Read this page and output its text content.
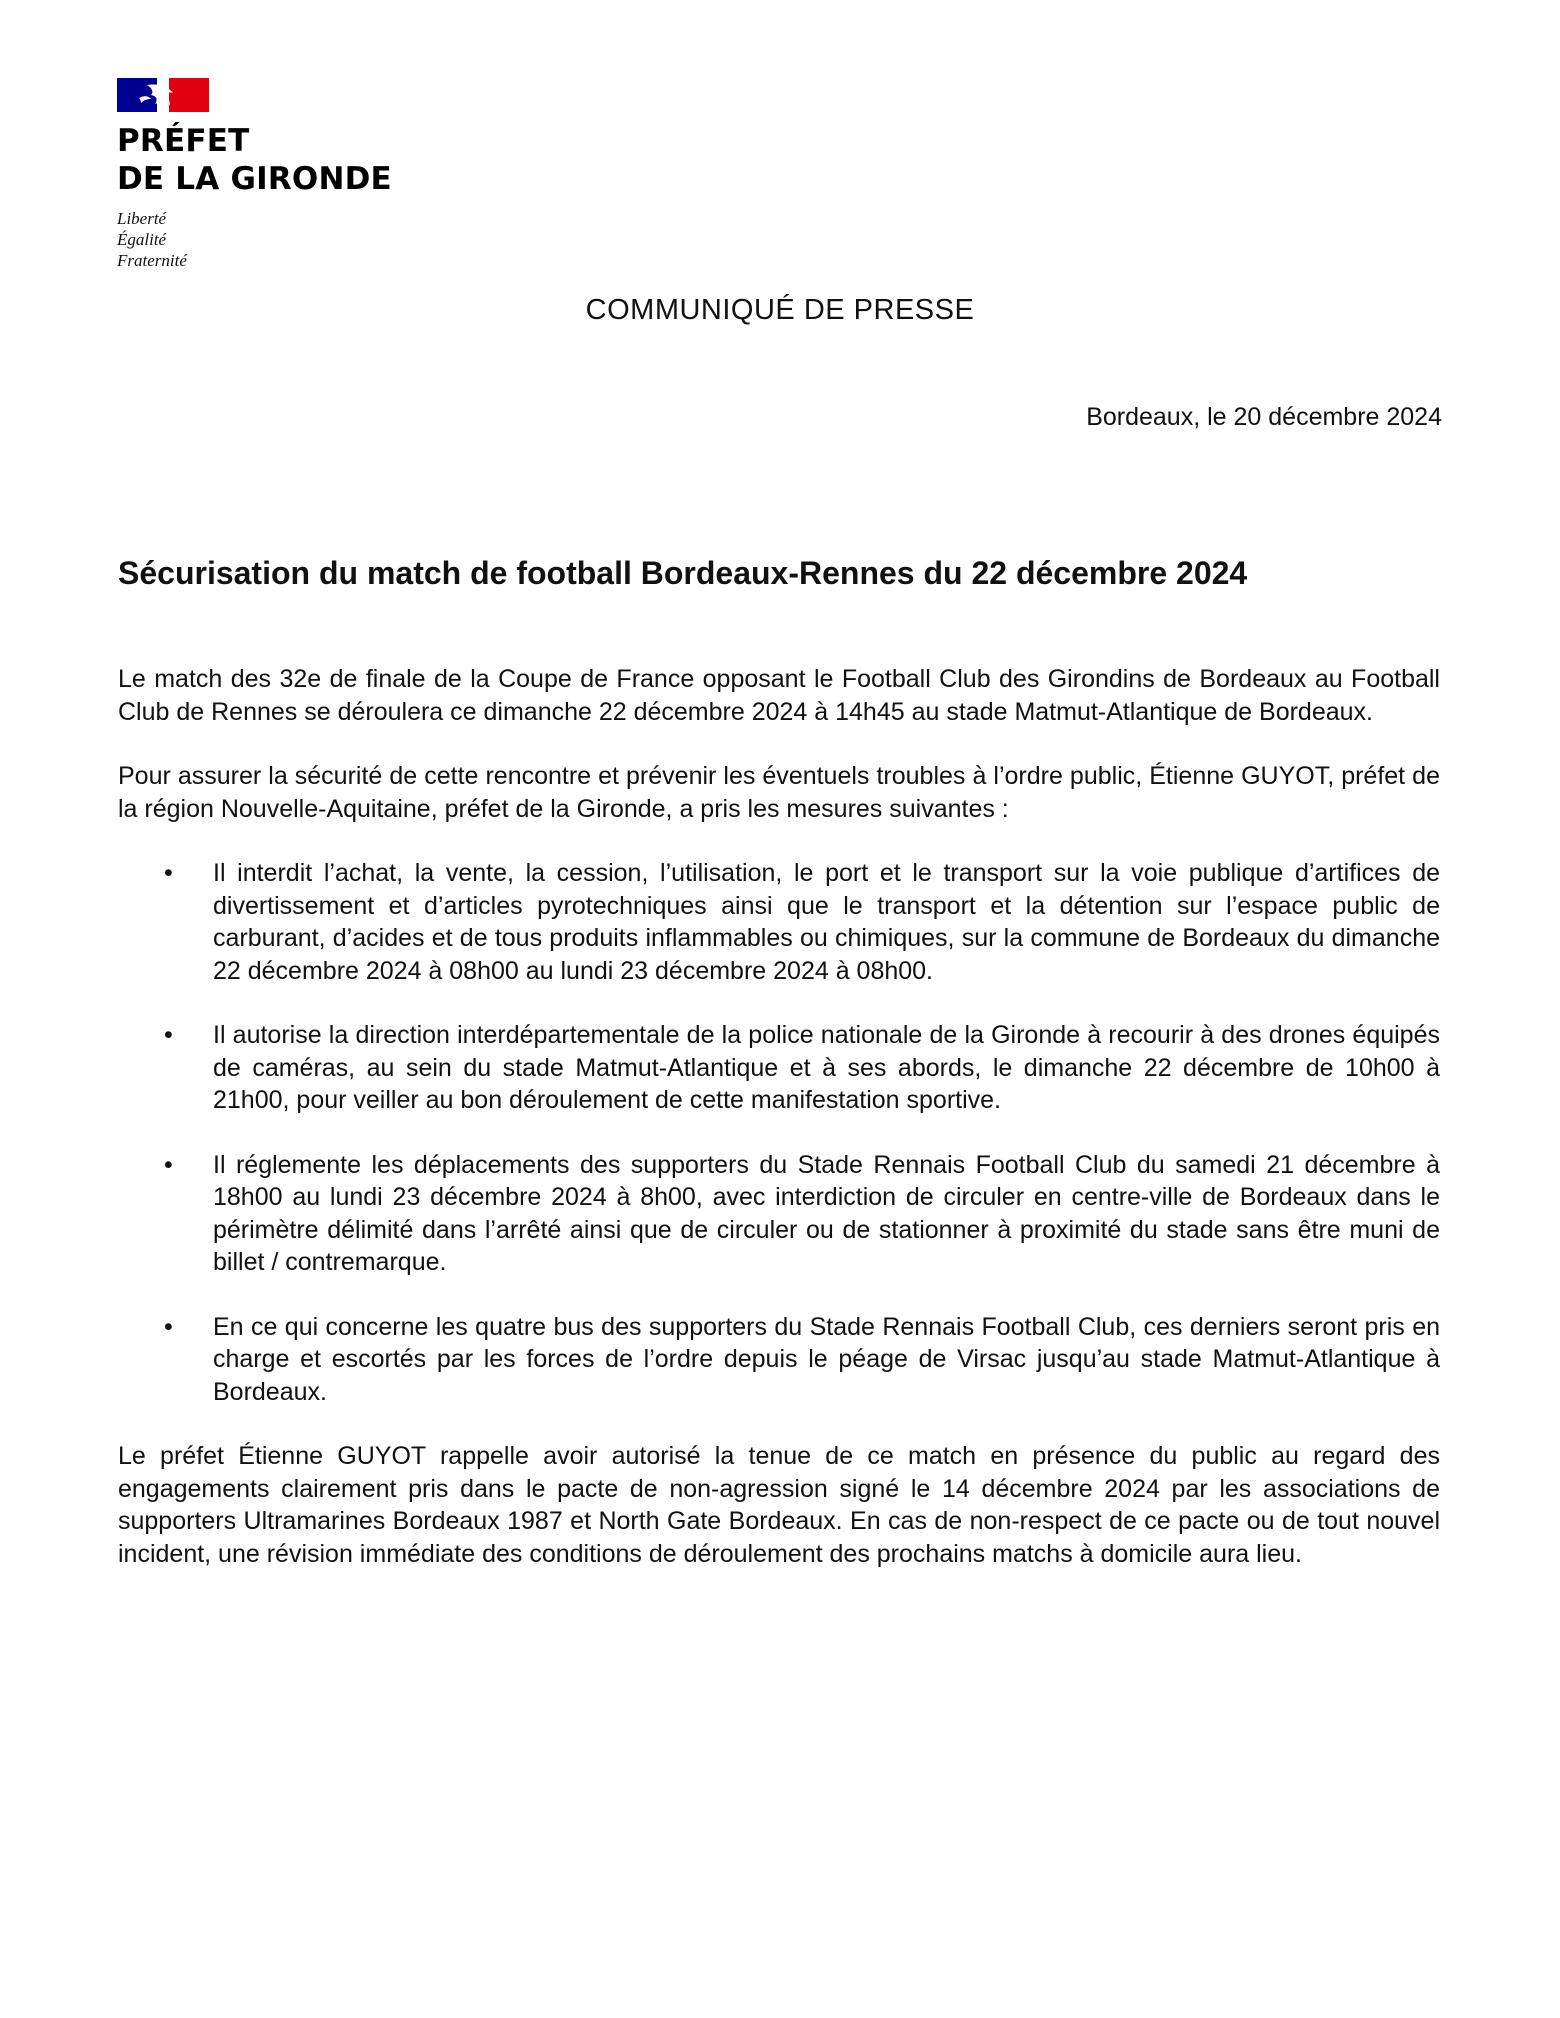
PRÉFET
DE LA GIRONDE
Liberté
Égalité
Fraternité
COMMUNIQUÉ DE PRESSE
Bordeaux, le 20 décembre 2024
Sécurisation du match de football Bordeaux-Rennes du 22 décembre 2024

Le match des 32e de finale de la Coupe de France opposant le Football Club des Girondins de Bordeaux au Football Club de Rennes se déroulera ce dimanche 22 décembre 2024 à 14h45 au stade Matmut-Atlantique de Bordeaux.

Pour assurer la sécurité de cette rencontre et prévenir les éventuels troubles à l’ordre public, Étienne GUYOT, préfet de la région Nouvelle-Aquitaine, préfet de la Gironde, a pris les mesures suivantes :

• Il interdit l’achat, la vente, la cession, l’utilisation, le port et le transport sur la voie publique d’artifices de divertissement et d’articles pyrotechniques ainsi que le transport et la détention sur l’espace public de carburant, d’acides et de tous produits inflammables ou chimiques, sur la commune de Bordeaux du dimanche 22 décembre 2024 à 08h00 au lundi 23 décembre 2024 à 08h00.
• Il autorise la direction interdépartementale de la police nationale de la Gironde à recourir à des drones équipés de caméras, au sein du stade Matmut-Atlantique et à ses abords, le dimanche 22 décembre de 10h00 à 21h00, pour veiller au bon déroulement de cette manifestation sportive.
• Il réglemente les déplacements des supporters du Stade Rennais Football Club du samedi 21 décembre à 18h00 au lundi 23 décembre 2024 à 8h00, avec interdiction de circuler en centre-ville de Bordeaux dans le périmètre délimité dans l’arrêté ainsi que de circuler ou de stationner à proximité du stade sans être muni de billet / contremarque.
• En ce qui concerne les quatre bus des supporters du Stade Rennais Football Club, ces derniers seront pris en charge et escortés par les forces de l’ordre depuis le péage de Virsac jusqu’au stade Matmut-Atlantique à Bordeaux.

Le préfet Étienne GUYOT rappelle avoir autorisé la tenue de ce match en présence du public au regard des engagements clairement pris dans le pacte de non-agression signé le 14 décembre 2024 par les associations de supporters Ultramarines Bordeaux 1987 et North Gate Bordeaux. En cas de non-respect de ce pacte ou de tout nouvel incident, une révision immédiate des conditions de déroulement des prochains matchs à domicile aura lieu.
